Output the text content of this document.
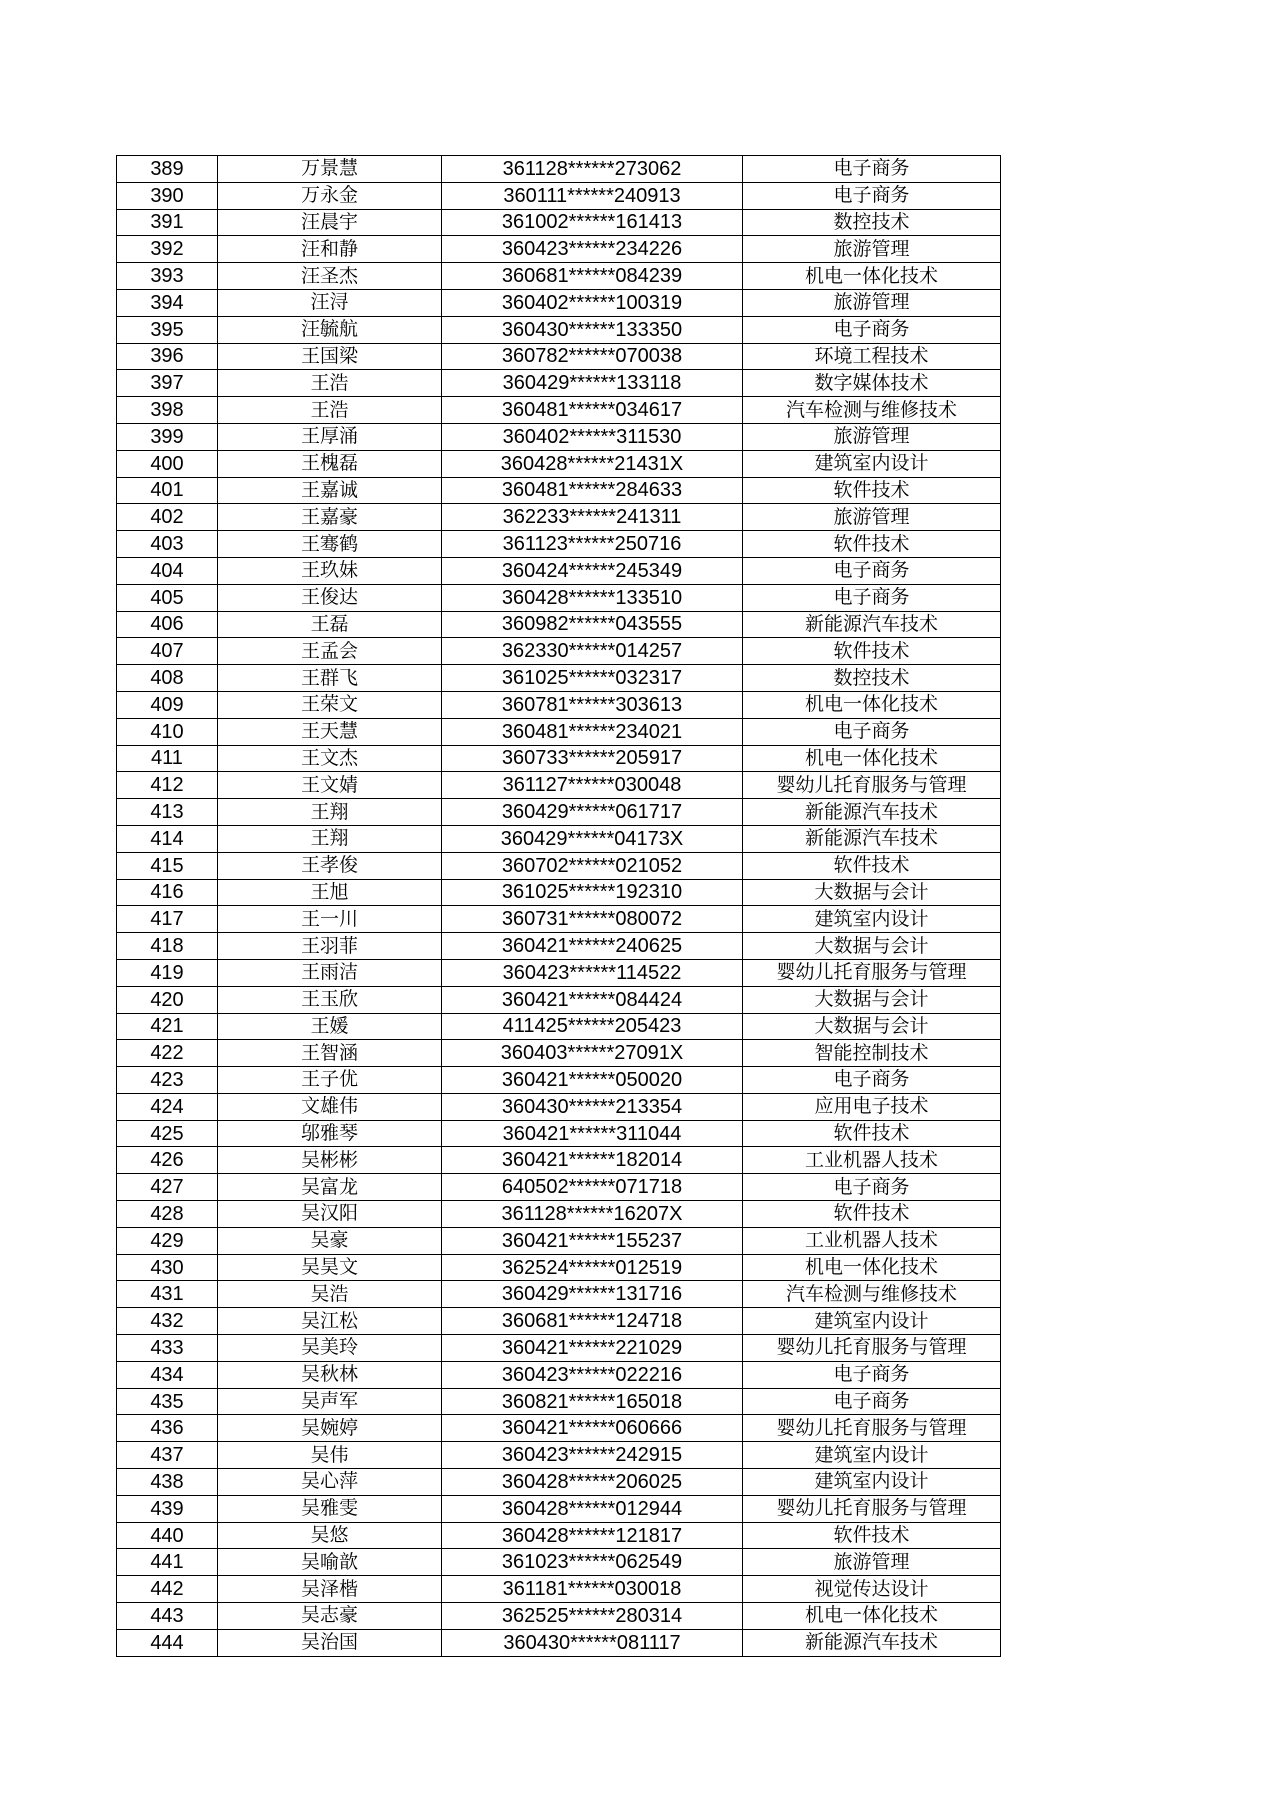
389	万景慧	361128******273062	电子商务
390	万永金	360111******240913	电子商务
391	汪晨宇	361002******161413	数控技术
392	汪和静	360423******234226	旅游管理
393	汪圣杰	360681******084239	机电一体化技术
394	汪浔	360402******100319	旅游管理
395	汪毓航	360430******133350	电子商务
396	王国梁	360782******070038	环境工程技术
397	王浩	360429******133118	数字媒体技术
398	王浩	360481******034617	汽车检测与维修技术
399	王厚涌	360402******311530	旅游管理
400	王槐磊	360428******21431X	建筑室内设计
401	王嘉诚	360481******284633	软件技术
402	王嘉豪	362233******241311	旅游管理
403	王骞鹤	361123******250716	软件技术
404	王玖妹	360424******245349	电子商务
405	王俊达	360428******133510	电子商务
406	王磊	360982******043555	新能源汽车技术
407	王孟会	362330******014257	软件技术
408	王群飞	361025******032317	数控技术
409	王荣文	360781******303613	机电一体化技术
410	王天慧	360481******234021	电子商务
411	王文杰	360733******205917	机电一体化技术
412	王文婧	361127******030048	婴幼儿托育服务与管理
413	王翔	360429******061717	新能源汽车技术
414	王翔	360429******04173X	新能源汽车技术
415	王孝俊	360702******021052	软件技术
416	王旭	361025******192310	大数据与会计
417	王一川	360731******080072	建筑室内设计
418	王羽菲	360421******240625	大数据与会计
419	王雨洁	360423******114522	婴幼儿托育服务与管理
420	王玉欣	360421******084424	大数据与会计
421	王媛	411425******205423	大数据与会计
422	王智涵	360403******27091X	智能控制技术
423	王子优	360421******050020	电子商务
424	文雄伟	360430******213354	应用电子技术
425	邬雅琴	360421******311044	软件技术
426	吴彬彬	360421******182014	工业机器人技术
427	吴富龙	640502******071718	电子商务
428	吴汉阳	361128******16207X	软件技术
429	吴豪	360421******155237	工业机器人技术
430	吴昊文	362524******012519	机电一体化技术
431	吴浩	360429******131716	汽车检测与维修技术
432	吴江松	360681******124718	建筑室内设计
433	吴美玲	360421******221029	婴幼儿托育服务与管理
434	吴秋林	360423******022216	电子商务
435	吴声军	360821******165018	电子商务
436	吴婉婷	360421******060666	婴幼儿托育服务与管理
437	吴伟	360423******242915	建筑室内设计
438	吴心萍	360428******206025	建筑室内设计
439	吴雅雯	360428******012944	婴幼儿托育服务与管理
440	吴悠	360428******121817	软件技术
441	吴喻歆	361023******062549	旅游管理
442	吴泽楷	361181******030018	视觉传达设计
443	吴志豪	362525******280314	机电一体化技术
444	吴治国	360430******081117	新能源汽车技术
